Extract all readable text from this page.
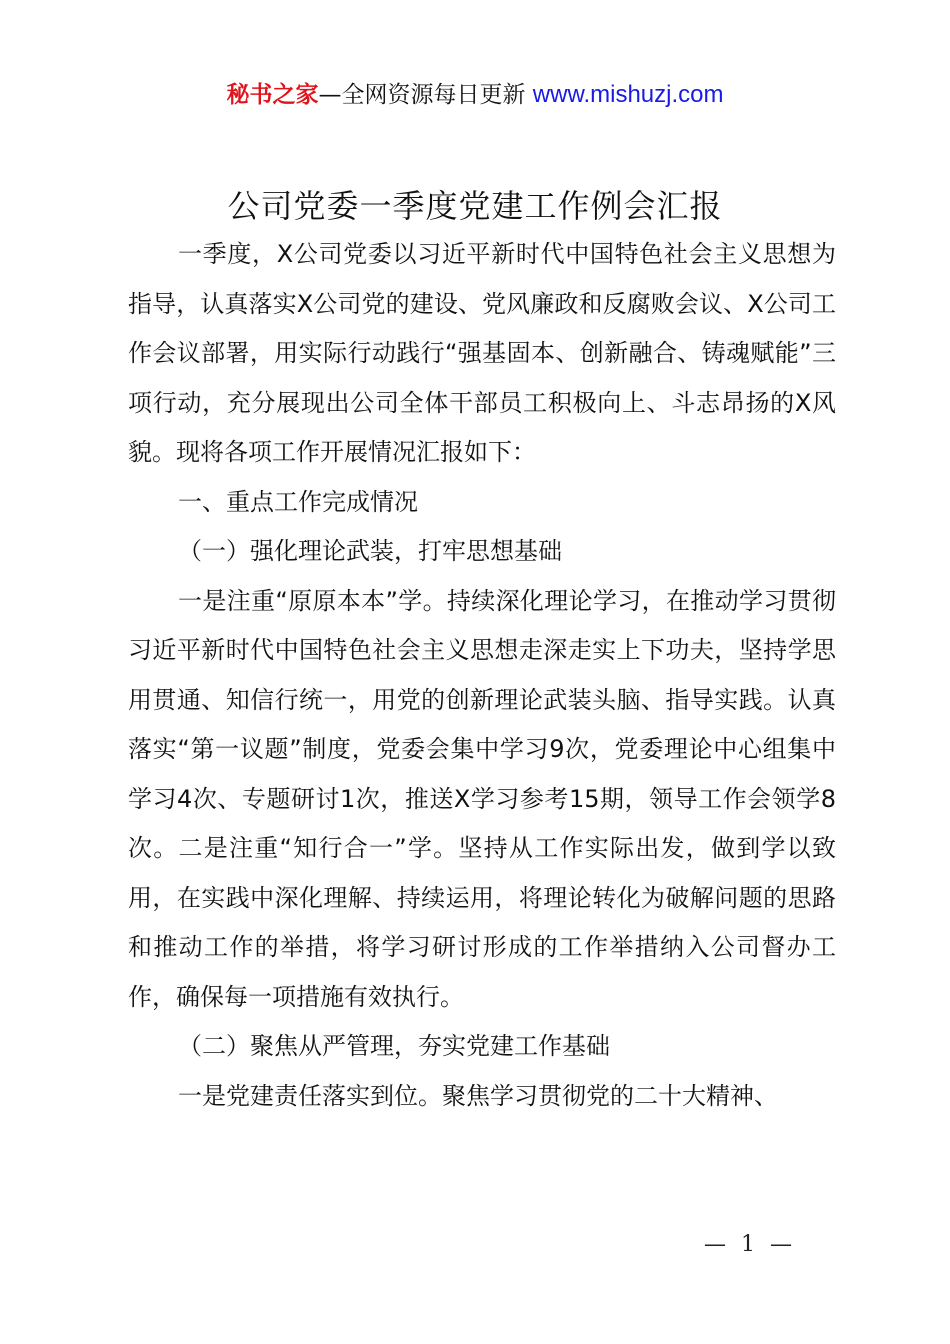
秘书之家—全网资源每日更新 www.mishuzj.com
公司党委一季度党建工作例会汇报

一季度，X公司党委以习近平新时代中国特色社会主义思想为指导，认真落实X公司党的建设、党风廉政和反腐败会议、X公司工作会议部署，用实际行动践行“强基固本、创新融合、铸魂赋能”三项行动，充分展现出公司全体干部员工积极向上、斗志昂扬的X风貌。现将各项工作开展情况汇报如下：

一、重点工作完成情况

（一）强化理论武装，打牢思想基础

一是注重“原原本本”学。持续深化理论学习，在推动学习贯彻习近平新时代中国特色社会主义思想走深走实上下功夫，坚持学思用贯通、知信行统一，用党的创新理论武装头脑、指导实践。认真落实“第一议题”制度，党委会集中学习9次，党委理论中心组集中学习4次、专题研讨1次，推送X学习参考15期，领导工作会领学8次。二是注重“知行合一”学。坚持从工作实际出发，做到学以致用，在实践中深化理解、持续运用，将理论转化为破解问题的思路和推动工作的举措，将学习研讨形成的工作举措纳入公司督办工作，确保每一项措施有效执行。

（二）聚焦从严管理，夯实党建工作基础

一是党建责任落实到位。聚焦学习贯彻党的二十大精神、

— 1 —
